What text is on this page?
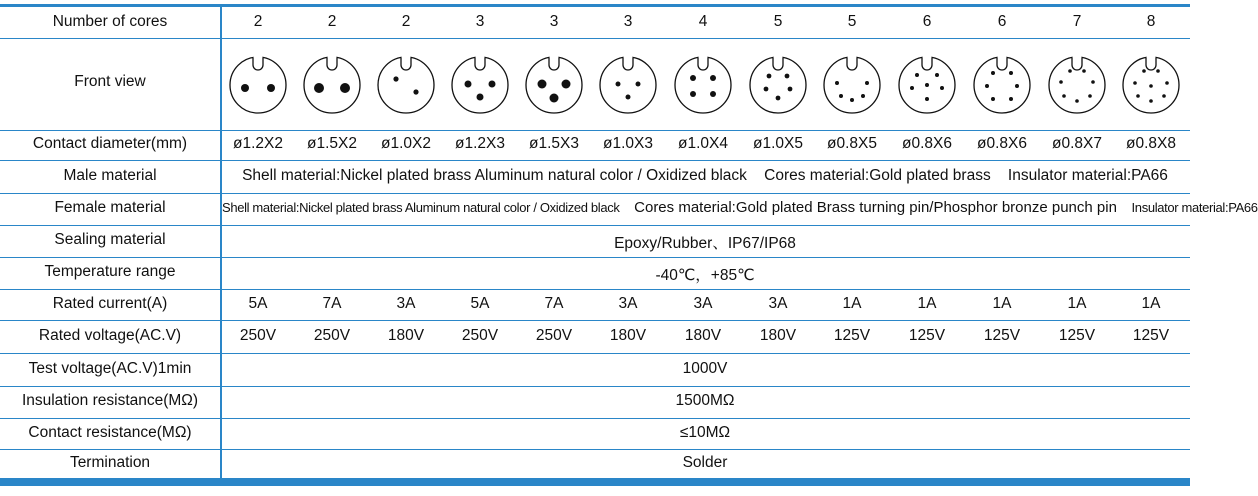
Number of cores	2	2	2	3	3	3	4	5	5	6	6	7	8
Front view
Contact diameter(mm)	ø1.2X2	ø1.5X2	ø1.0X2	ø1.2X3	ø1.5X3	ø1.0X3	ø1.0X4	ø1.0X5	ø0.8X5	ø0.8X6	ø0.8X6	ø0.8X7	ø0.8X8
Male material	Shell material:Nickel plated brass Aluminum natural color / Oxidized black    Cores material:Gold plated brass    Insulator material:PA66
Female material	Shell material:Nickel plated brass Aluminum natural color / Oxidized black Cores material:Gold plated Brass turning pin/Phosphor bronze punch pin Insulator material:PA66
Sealing material	Epoxy/Rubber、IP67/IP68
Temperature range	-40℃，+85℃
Rated current(A)	5A	7A	3A	5A	7A	3A	3A	3A	1A	1A	1A	1A	1A
Rated voltage(AC.V)	250V	250V	180V	250V	250V	180V	180V	180V	125V	125V	125V	125V	125V
Test voltage(AC.V)1min	1000V
Insulation resistance(MΩ)	1500MΩ
Contact resistance(MΩ)	≤10MΩ
Termination	Solder
